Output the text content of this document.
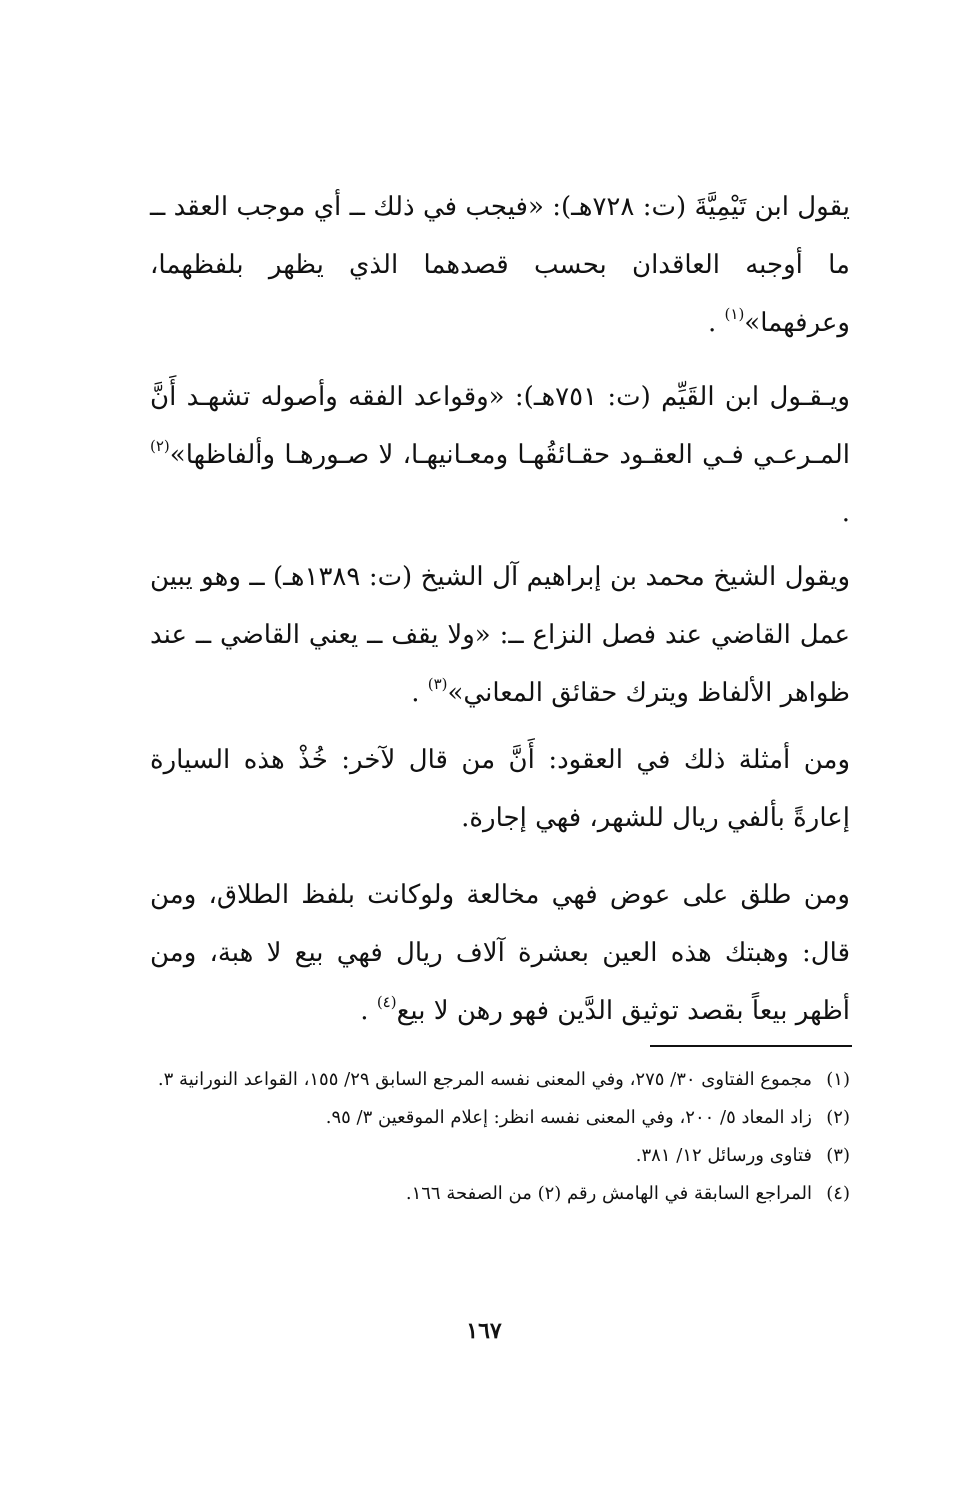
يقول ابن تَيْمِيَّةَ (ت: ٧٢٨هـ): «فيجب في ذلك ــ أي موجب العقد ــ ما أوجبه العاقدان بحسب قصدهما الذي يظهر بلفظهما، وعرفهما»$^{(١)}$ .

ويـقـول ابن القَيِّم (ت: ٧٥١هـ): «وقواعد الفقه وأصوله تشهـد أَنَّ المـرعـي فـي العقـود حقـائقُهـا ومعـانيهـا، لا صـورهـا وألفاظها»$^{(٢)}$ .

ويقول الشيخ محمد بن إبراهيم آل الشيخ (ت: ١٣٨٩هـ) ــ وهو يبين عمل القاضي عند فصل النزاع ــ: «ولا يقف ــ يعني القاضي ــ عند ظواهر الألفاظ ويترك حقائق المعاني»$^{(٣)}$ .

ومن أمثلة ذلك في العقود: أَنَّ من قال لآخر: خُذْ هذه السيارة إعارةً بألفي ريال للشهر، فهي إجارة.

ومن طلق على عوض فهي مخالعة ولوكانت بلفظ الطلاق، ومن قال: وهبتك هذه العين بعشرة آلاف ريال فهي بيع لا هبة، ومن أظهر بيعاً بقصد توثيق الدَّين فهو رهن لا بيع$^{(٤)}$ .

(١)
مجموع الفتاوى ٣٠/ ٢٧٥، وفي المعنى نفسه المرجع السابق ٢٩/ ١٥٥، القواعد النورانية ٣.
(٢)
زاد المعاد ٥/ ٢٠٠، وفي المعنى نفسه انظر: إعلام الموقعين ٣/ ٩٥.
(٣)
فتاوى ورسائل ١٢/ ٣٨١.
(٤)
المراجع السابقة في الهامش رقم (٢) من الصفحة ١٦٦.
١٦٧
